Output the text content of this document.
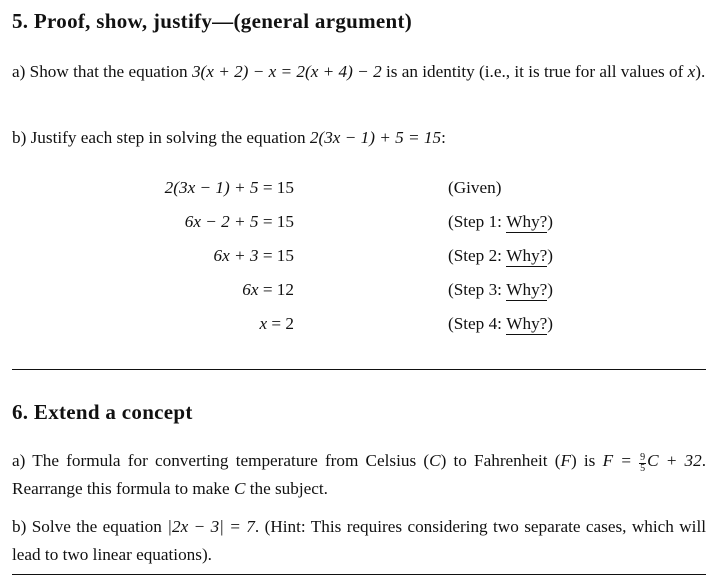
5. Proof, show, justify—(general argument)
a) Show that the equation 3(x + 2) − x = 2(x + 4) − 2 is an identity (i.e., it is true for all values of x).
b) Justify each step in solving the equation 2(3x − 1) + 5 = 15:
2(3x − 1) + 5 = 15	(Given)
6x − 2 + 5 = 15	(Step 1: Why?)
6x + 3 = 15	(Step 2: Why?)
6x = 12	(Step 3: Why?)
x = 2	(Step 4: Why?)
6. Extend a concept
a) The formula for converting temperature from Celsius (C) to Fahrenheit (F) is $F = \frac{9}{5}$ C + 32. Rearrange this formula to make C the subject.
b) Solve the equation |2x − 3| = 7. (Hint: This requires considering two separate cases, which will lead to two linear equations).
